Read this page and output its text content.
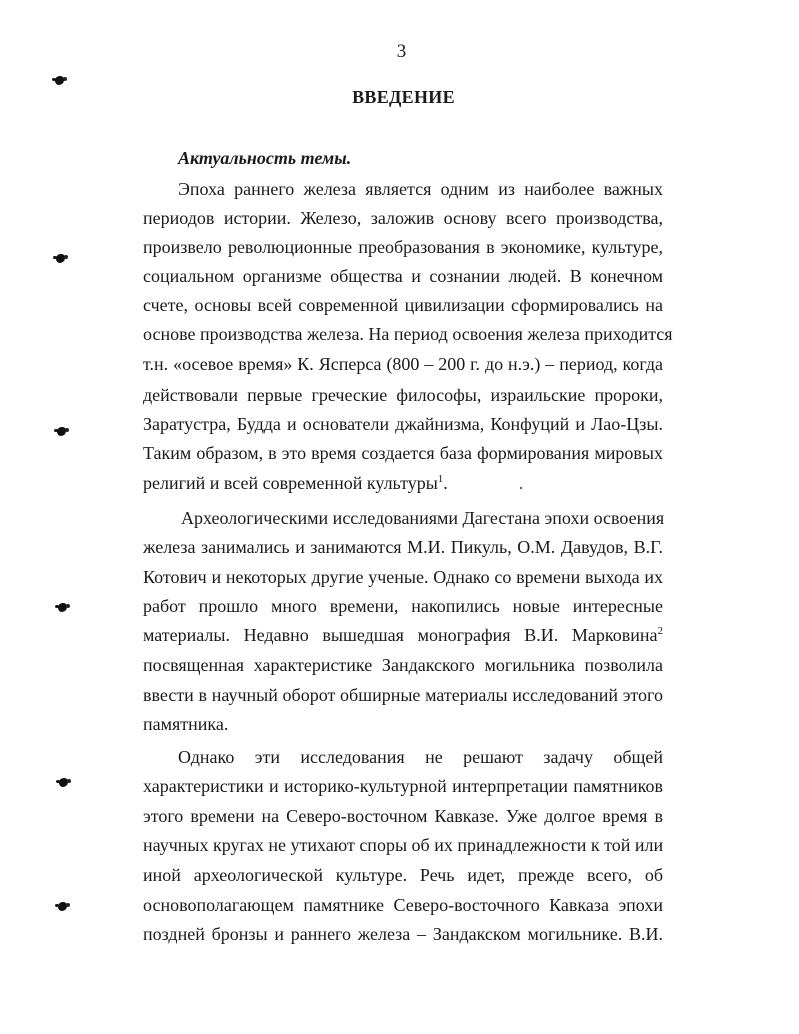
3
ВВЕДЕНИЕ
Актуальность темы.
Эпоха раннего железа является одним из наиболее важных
периодов истории. Железо, заложив основу всего производства,
произвело революционные преобразования в экономике, культуре,
социальном организме общества и сознании людей. В конечном
счете, основы всей современной цивилизации сформировались на
основе производства железа. На период освоения железа приходится
т.н. «осевое время» К. Ясперса (800 – 200 г. до н.э.) – период, когда
действовали первые греческие философы, израильские пророки,
Заратустра, Будда и основатели джайнизма, Конфуций и Лао-Цзы.
Таким образом, в это время создается база формирования мировых
религий и всей современной культуры$^1$.
Археологическими исследованиями Дагестана эпохи освоения
железа занимались и занимаются М.И. Пикуль, О.М. Давудов, В.Г.
Котович и некоторых другие ученые. Однако со времени выхода их
работ прошло много времени, накопились новые интересные
материалы. Недавно вышедшая монография В.И. Марковина$^2$
посвященная характеристике Зандакского могильника позволила
ввести в научный оборот обширные материалы исследований этого
памятника.
Однако эти исследования не решают задачу общей
характеристики и историко-культурной интерпретации памятников
этого времени на Северо-восточном Кавказе. Уже долгое время в
научных кругах не утихают споры об их принадлежности к той или
иной археологической культуре. Речь идет, прежде всего, об
основополагающем памятнике Северо-восточного Кавказа эпохи
поздней бронзы и раннего железа – Зандакском могильнике. В.И.
